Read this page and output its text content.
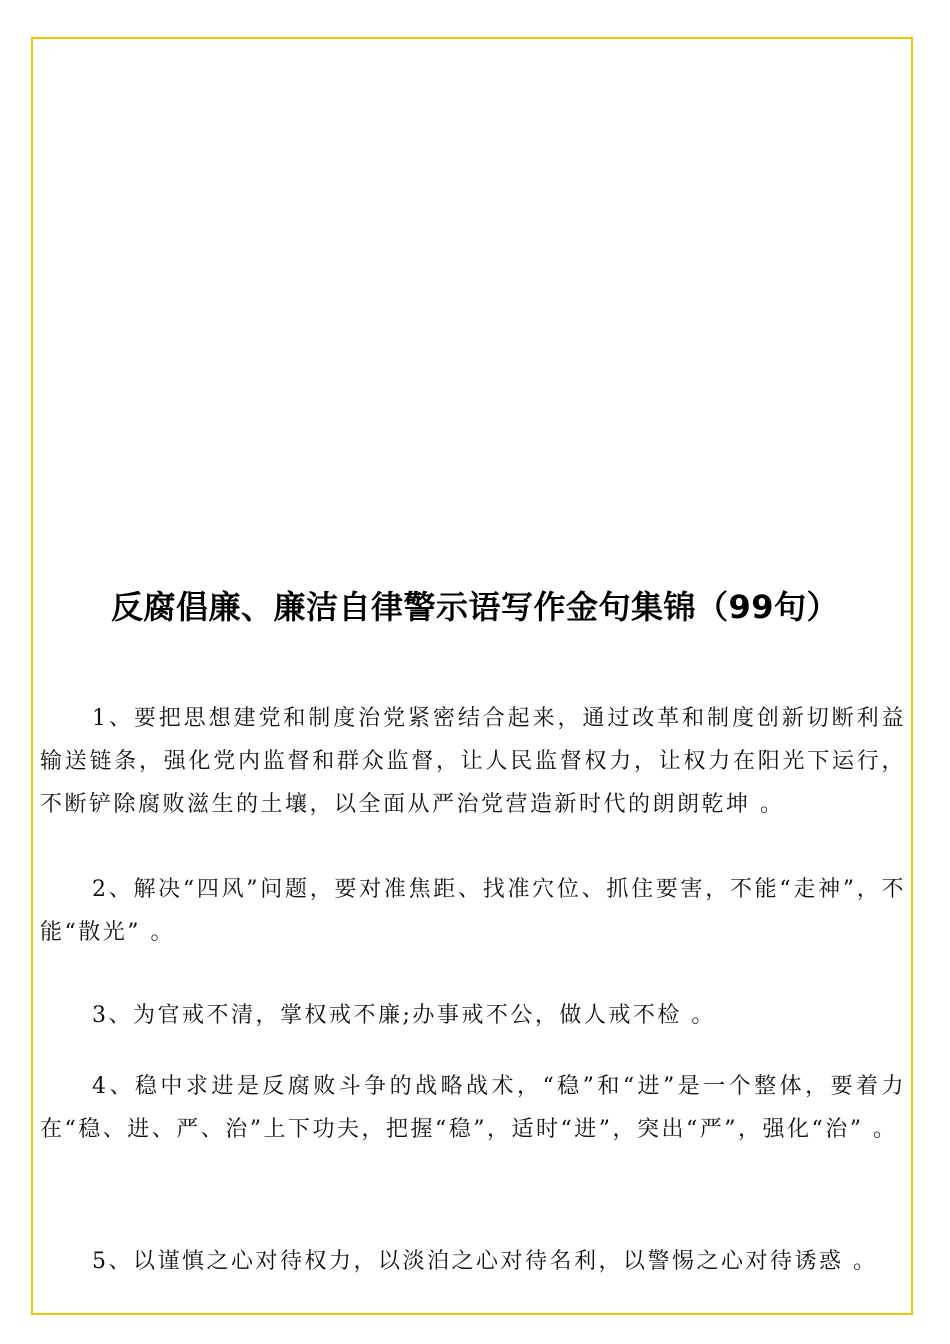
反腐倡廉、廉洁自律警示语写作金句集锦（99句）

1、要把思想建党和制度治党紧密结合起来，通过改革和制度创新切断利益输送链条，强化党内监督和群众监督，让人民监督权力，让权力在阳光下运行，不断铲除腐败滋生的土壤，以全面从严治党营造新时代的朗朗乾坤 。

2、解决“四风”问题，要对准焦距、找准穴位、抓住要害，不能“走神”，不能“散光” 。

3、为官戒不清，掌权戒不廉;办事戒不公，做人戒不检 。

4、稳中求进是反腐败斗争的战略战术，“稳”和“进”是一个整体，要着力在“稳、进、严、治”上下功夫，把握“稳”，适时“进”，突出“严”，强化“治” 。

5、以谨慎之心对待权力，以淡泊之心对待名利，以警惕之心对待诱惑 。
